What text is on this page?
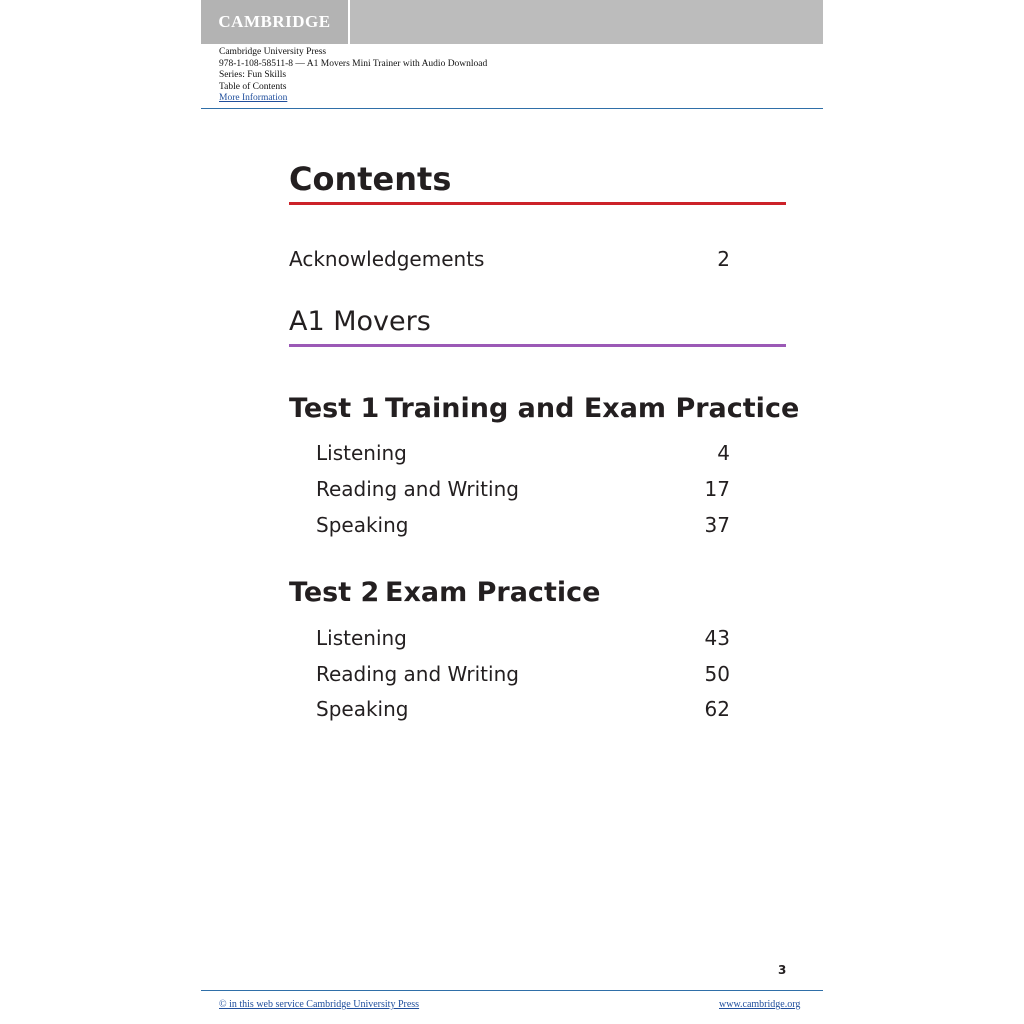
CAMBRIDGE
Cambridge University Press
978-1-108-58511-8 — A1 Movers Mini Trainer with Audio Download
Series: Fun Skills
Table of Contents
More Information
Contents
Acknowledgements	2
A1 Movers
Test 1 Training and Exam Practice
Listening	4
Reading and Writing	17
Speaking	37
Test 2 Exam Practice
Listening	43
Reading and Writing	50
Speaking	62
3
© in this web service Cambridge University Press	www.cambridge.org
